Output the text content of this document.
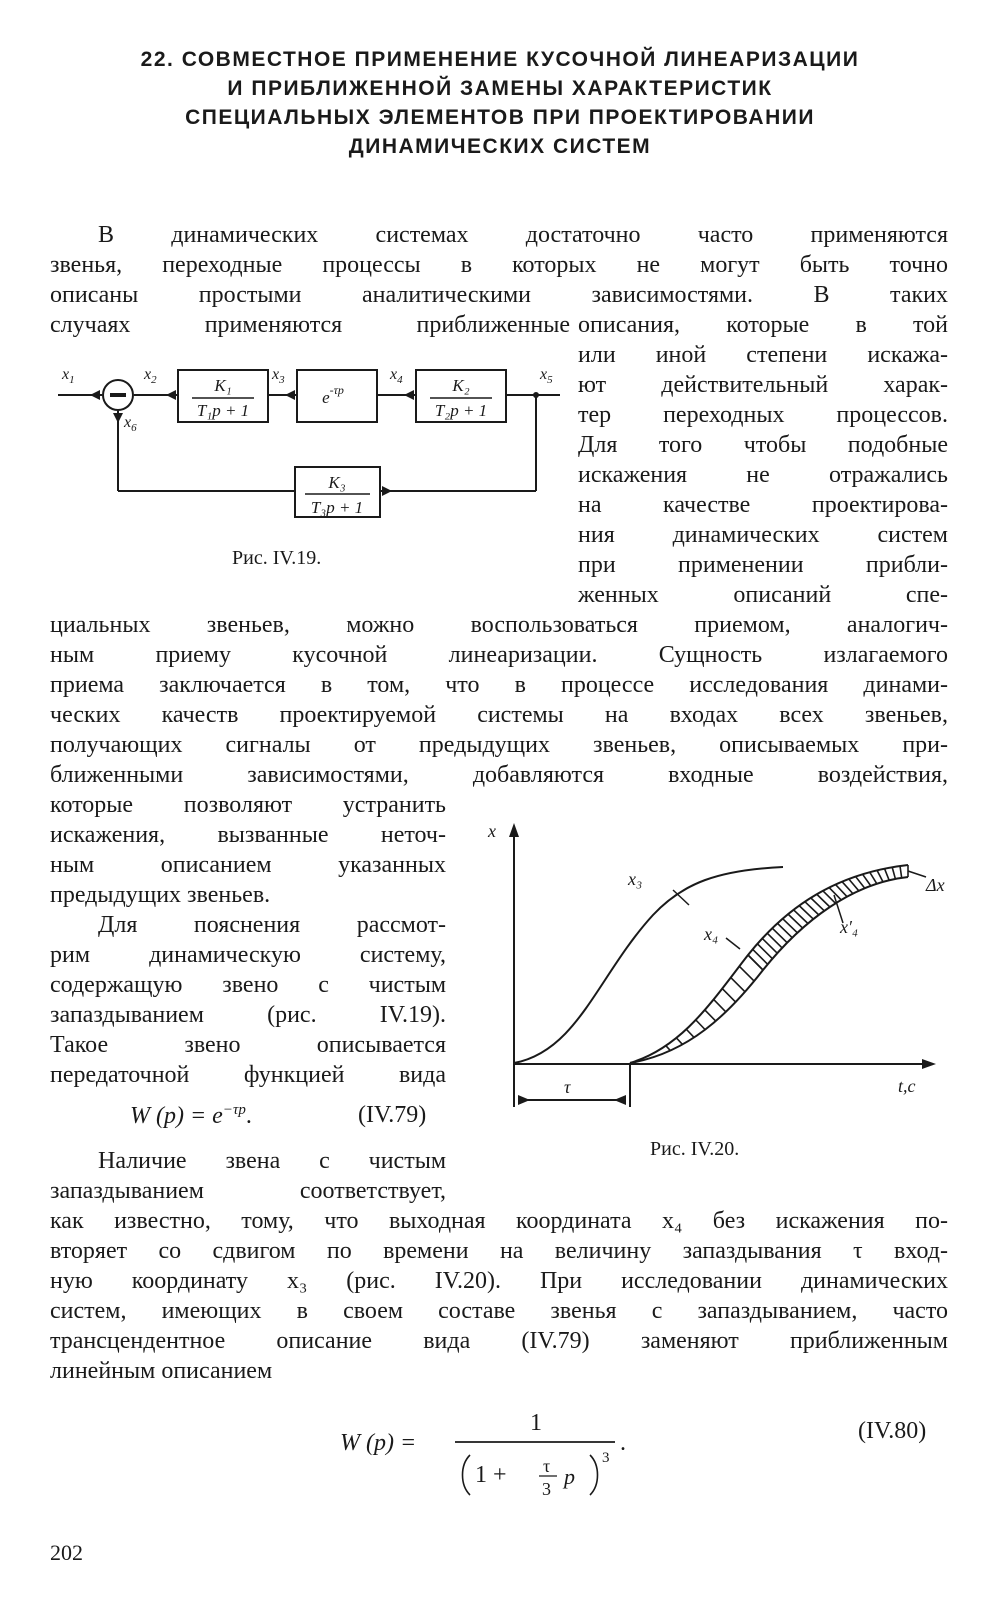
22. СОВМЕСТНОЕ ПРИМЕНЕНИЕ КУСОЧНОЙ ЛИНЕАРИЗАЦИИ
И ПРИБЛИЖЕННОЙ ЗАМЕНЫ ХАРАКТЕРИСТИК
СПЕЦИАЛЬНЫХ ЭЛЕМЕНТОВ ПРИ ПРОЕКТИРОВАНИИ
ДИНАМИЧЕСКИХ СИСТЕМ
В динамических системах достаточно часто применяются
звенья, переходные процессы в которых не могут быть точно
описаны простыми аналитическими зависимостями. В таких
случаях применяются приближенные описания, которые в той
или иной степени искажа-
ют действительный харак-
тер переходных процессов.
Для того чтобы подобные
искажения не отражались
на качестве проектирова-
ния динамических систем
при применении прибли-
женных описаний спе-
$x_1$	$x_2$	$x_3$	$x_4$	$x_5$
$x_6$
K₁
T₁p + 1
$e^{-\tau p}$	K₂
T₂p + 1
K₃
T₃p + 1
Рис. IV.19.
циальных звеньев, можно воспользоваться приемом, аналогич-
ным приему кусочной линеаризации. Сущность излагаемого
приема заключается в том, что в процессе исследования динами-
ческих качеств проектируемой системы на входах всех звеньев,
получающих сигналы от предыдущих звеньев, описываемых при-
ближенными зависимостями, добавляются входные воздействия,
которые позволяют устранить
искажения, вызванные неточ-
ным описанием указанных
предыдущих звеньев.
Для пояснения рассмот-
рим динамическую систему,
содержащую звено с чистым
запаздыванием (рис. IV.19).
Такое звено описывается
передаточной функцией вида
W $(p) = e^{-\tau p}$.	(IV.79)
Наличие звена с чистым
запаздыванием соответствует,
x
t,c
τ
x₃
x₄	x′₄
Δx
Рис. IV.20.
как известно, тому, что выходная координата x₄ без искажения по-
вторяет со сдвигом по времени на величину запаздывания τ вход-
ную координату x₃ (рис. IV.20). При исследовании динамических
систем, имеющих в своем составе звенья с запаздыванием, часто
трансцендентное описание вида (IV.79) заменяют приближенным
линейным описанием
W (p) =
1
.
1 + τ
3 p
3
(IV.80)
202
